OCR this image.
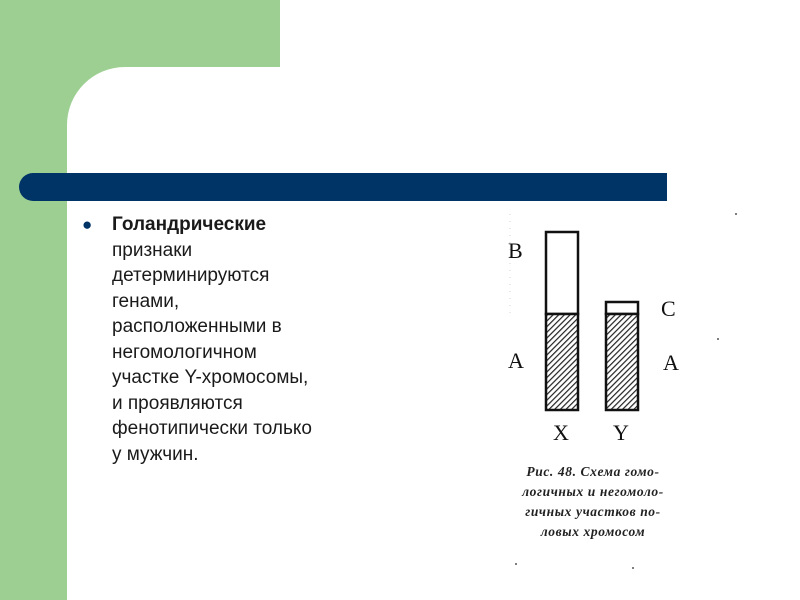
● Голандрические
признаки
детерминируются
генами,
расположенными в
негомологичном
участке Y-хромосомы,
и проявляются
фенотипически только
у мужчин.
В
А
С
А
X Y
Рис. 48. Схема гомо-
логичных и негомоло-
гичных участков по-
ловых хромосом
